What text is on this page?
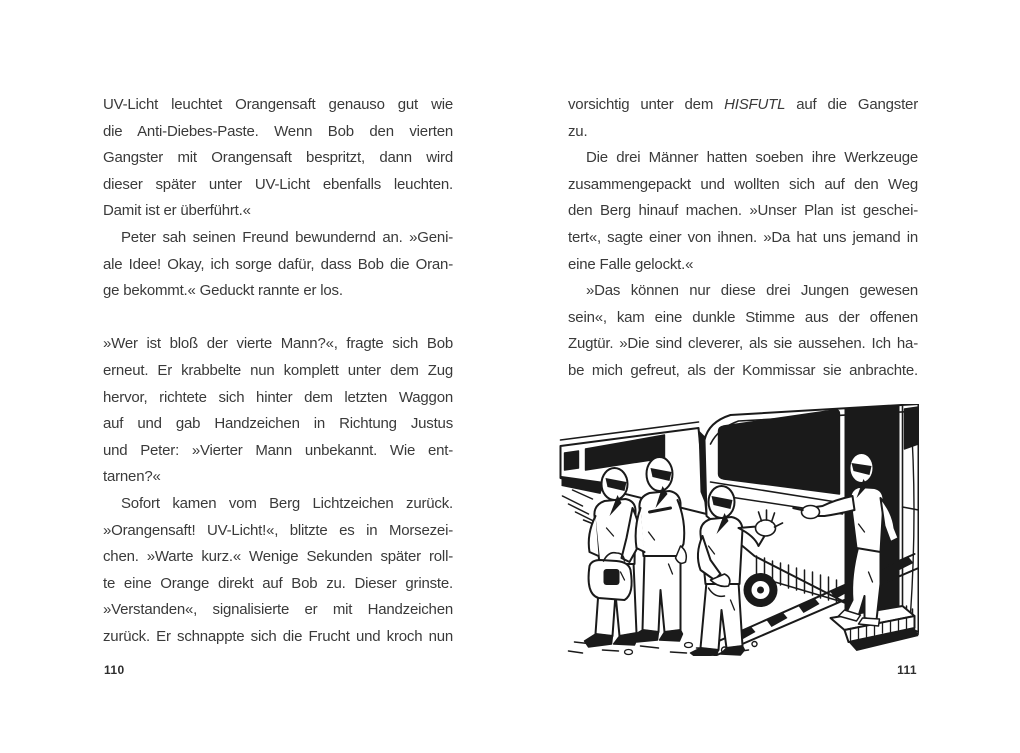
UV-Licht leuchtet Orangensaft genauso gut wie
die Anti-Diebes-Paste. Wenn Bob den vierten
Gangster mit Orangensaft bespritzt, dann wird
dieser später unter UV-Licht ebenfalls leuchten.
Damit ist er überführt.«
Peter sah seinen Freund bewundernd an. »Geni-
ale Idee! Okay, ich sorge dafür, dass Bob die Oran-
ge bekommt.« Geduckt rannte er los.
»Wer ist bloß der vierte Mann?«, fragte sich Bob
erneut. Er krabbelte nun komplett unter dem Zug
hervor, richtete sich hinter dem letzten Waggon
auf und gab Handzeichen in Richtung Justus
und Peter: »Vierter Mann unbekannt. Wie ent-
tarnen?«
Sofort kamen vom Berg Lichtzeichen zurück.
»Orangensaft! UV-Licht!«, blitzte es in Morsezei-
chen. »Warte kurz.« Wenige Sekunden später roll-
te eine Orange direkt auf Bob zu. Dieser grinste.
»Verstanden«, signalisierte er mit Handzeichen
zurück. Er schnappte sich die Frucht und kroch nun
110
vorsichtig unter dem HISFUTL auf die Gangster
zu.
Die drei Männer hatten soeben ihre Werkzeuge
zusammengepackt und wollten sich auf den Weg
den Berg hinauf machen. »Unser Plan ist geschei-
tert«, sagte einer von ihnen. »Da hat uns jemand in
eine Falle gelockt.«
»Das können nur diese drei Jungen gewesen
sein«, kam eine dunkle Stimme aus der offenen
Zugtür. »Die sind cleverer, als sie aussehen. Ich ha-
be mich gefreut, als der Kommissar sie anbrachte.
111
